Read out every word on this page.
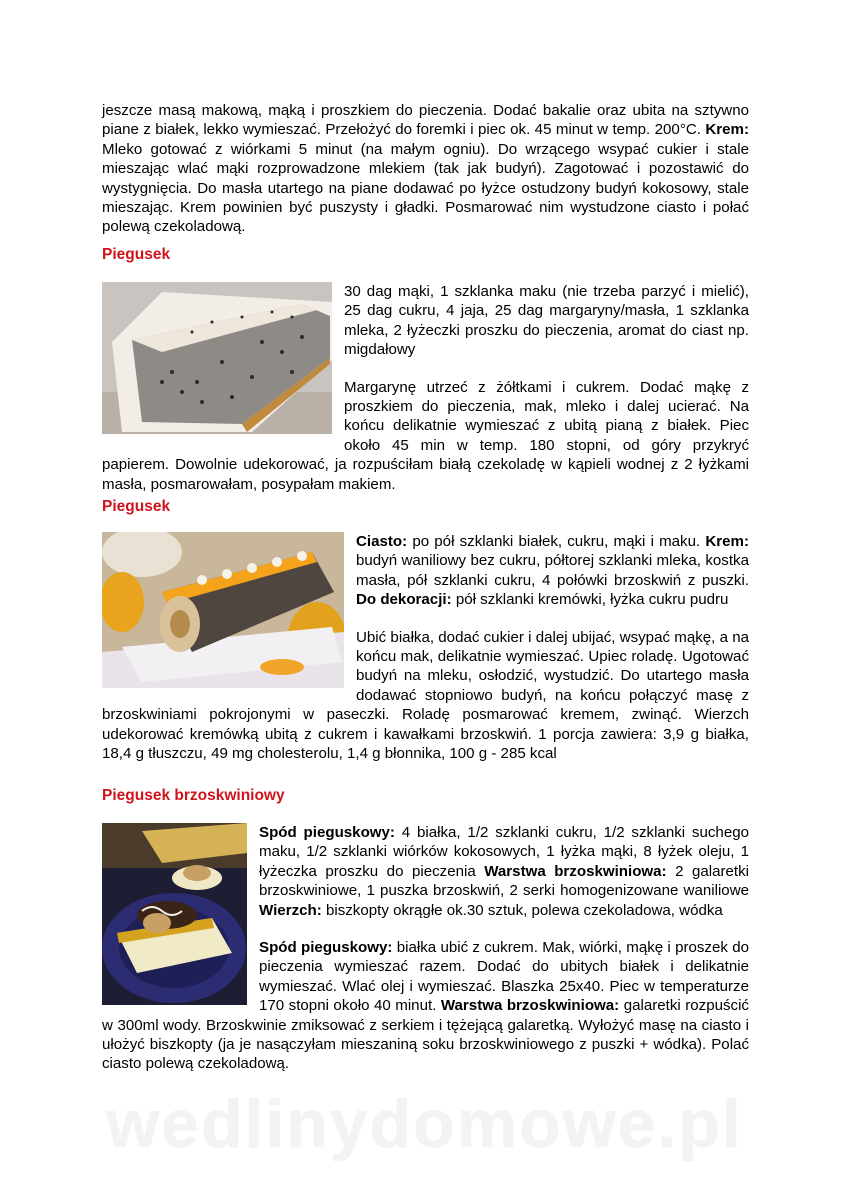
jeszcze masą makową, mąką i proszkiem do pieczenia. Dodać bakalie oraz ubita na sztywno piane z białek, lekko wymieszać. Przełożyć do foremki i piec ok. 45 minut w temp. 200°C. Krem: Mleko gotować z wiórkami 5 minut (na małym ogniu). Do wrzącego wsypać cukier i stale mieszając wlać mąki rozprowadzone mlekiem (tak jak budyń). Zagotować i pozostawić do wystygnięcia. Do masła utartego na piane dodawać po łyżce ostudzony budyń kokosowy, stale mieszając. Krem powinien być puszysty i gładki. Posmarować nim wystudzone ciasto i połać polewą czekoladową.

Piegusek

30 dag mąki, 1 szklanka maku (nie trzeba parzyć i mielić), 25 dag cukru, 4 jaja, 25 dag margaryny/masła, 1 szklanka mleka, 2 łyżeczki proszku do pieczenia, aromat do ciast np. migdałowy

Margarynę utrzeć z żółtkami i cukrem. Dodać mąkę z proszkiem do pieczenia, mak, mleko i dalej ucierać. Na końcu delikatnie wymieszać z ubitą pianą z białek. Piec około 45 min w temp. 180 stopni, od góry przykryć papierem. Dowolnie udekorować, ja rozpuściłam białą czekoladę w kąpieli wodnej z 2 łyżkami masła, posmarowałam, posypałam makiem.

Piegusek

Ciasto: po pół szklanki białek, cukru, mąki i maku. Krem: budyń waniliowy bez cukru, półtorej szklanki mleka, kostka masła, pół szklanki cukru, 4 połówki brzoskwiń z puszki. Do dekoracji: pół szklanki kremówki, łyżka cukru pudru

Ubić białka, dodać cukier i dalej ubijać, wsypać mąkę, a na końcu mak, delikatnie wymieszać. Upiec roladę. Ugotować budyń na mleku, osłodzić, wystudzić. Do utartego masła dodawać stopniowo budyń, na końcu połączyć masę z brzoskwiniami pokrojonymi w paseczki. Roladę posmarować kremem, zwinąć. Wierzch udekorować kremówką ubitą z cukrem i kawałkami brzoskwiń. 1 porcja zawiera: 3,9 g białka, 18,4 g tłuszczu, 49 mg cholesterolu, 1,4 g błonnika, 100 g - 285 kcal

Piegusek brzoskwiniowy

Spód pieguskowy: 4 białka, 1/2 szklanki cukru, 1/2 szklanki suchego maku, 1/2 szklanki wiórków kokosowych, 1 łyżka mąki, 8 łyżek oleju, 1 łyżeczka proszku do pieczenia Warstwa brzoskwiniowa: 2 galaretki brzoskwiniowe, 1 puszka brzoskwiń, 2 serki homogenizowane waniliowe Wierzch: biszkopty okrągłe ok.30 sztuk, polewa czekoladowa, wódka

Spód pieguskowy: białka ubić z cukrem. Mak, wiórki, mąkę i proszek do pieczenia wymieszać razem. Dodać do ubitych białek i delikatnie wymieszać. Wlać olej i wymieszać. Blaszka 25x40. Piec w temperaturze 170 stopni około 40 minut. Warstwa brzoskwiniowa: galaretki rozpuścić w 300ml wody. Brzoskwinie zmiksować z serkiem i tężejącą galaretką. Wyłożyć masę na ciasto i ułożyć biszkopty (ja je nasączyłam mieszaniną soku brzoskwiniowego z puszki + wódka). Polać ciasto polewą czekoladową.

wedlinydomowe.pl
